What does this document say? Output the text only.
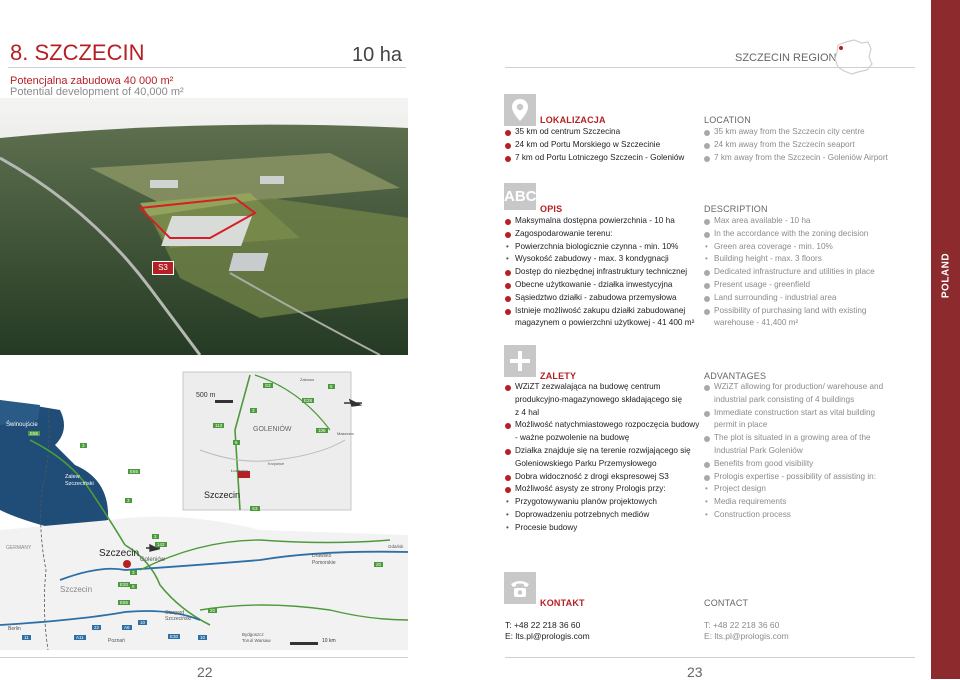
8. SZCZECIN	10 ha	SZCZECIN REGION
Potencjalna zabudowa 40 000 m²
Potential development of 40,000 m²
S3
LOKALIZACJA	LOCATION
35 km od centrum Szczecina
24 km od Portu Morskiego w Szczecinie
7 km od Portu Lotniczego Szczecin - Goleniów
35 km away from the Szczecin city centre
24 km away from the Szczecin seaport
7 km away from the Szczecin - Goleniów Airport
ABC
OPIS	DESCRIPTION
Maksymalna dostępna powierzchnia - 10 ha
Zagospodarowanie terenu:
• Powierzchnia biologicznie czynna - min. 10%
• Wysokość zabudowy - max. 3 kondygnacji
Dostęp do niezbędnej infrastruktury technicznej
Obecne użytkowanie - działka inwestycyjna
Sąsiedztwo działki - zabudowa przemysłowa
Istnieje możliwość zakupu działki zabudowanej
magazynem o powierzchni użytkowej - 41 400 m²
Max area available - 10 ha
In the accordance with the zoning decision
• Green area coverage - min. 10%
• Building height - max. 3 floors
Dedicated infrastructure and utilities in place
Present usage - greenfield
Land surrounding - industrial area
Possibility of purchasing land with existing
warehouse - 41,400 m²
ZALETY	ADVANTAGES
WZiZT zezwalająca na budowę centrum
produkcyjno-magazynowego składającego się
z 4 hal
Możliwość natychmiastowego rozpoczęcia budowy
- ważne pozwolenie na budowę
Działka znajduje się na terenie rozwijającego się
Goleniowskiego Parku Przemysłowego
Dobra widoczność z drogi ekspresowej S3
Możliwość asysty ze strony Prologis przy:
• Przygotowywaniu planów projektowych
• Doprowadzeniu potrzebnych mediów
• Procesie budowy
WZiZT allowing for production/ warehouse and
industrial park consisting of 4 buildings
Immediate construction start as vital building
permit in place
The plot is situated in a growing area of the
Industrial Park Goleniów
Benefits from good visibility
Prologis expertise - possibility of assisting in:
• Project design
• Media requirements
• Construction process
KONTAKT	CONTACT
T: +48 22 218 36 60
E: lts.pl@prologis.com
T: +48 22 218 36 60
E: lts.pl@prologis.com
Świnoujście
Zalew
Szczeciński
500 m
GOLENIÓW
Szczecin
Żabowo
Maszewo
Krzywice
Łozienica
GERMANY	Szczecin
Goleniów
Drawsko Pomorskie
Gdańsk
Szczecin
Stargard Szczeciński
Berlin
Poznań
Bydgoszcz Toruń Warsaw	10 km
E65
3
E65
3
S3
3
6
E28
106
113
6
S3
3
3
6
E65
20
20
10
10
E30
A6
11	A11
142
E20
22
POLAND
22	23
